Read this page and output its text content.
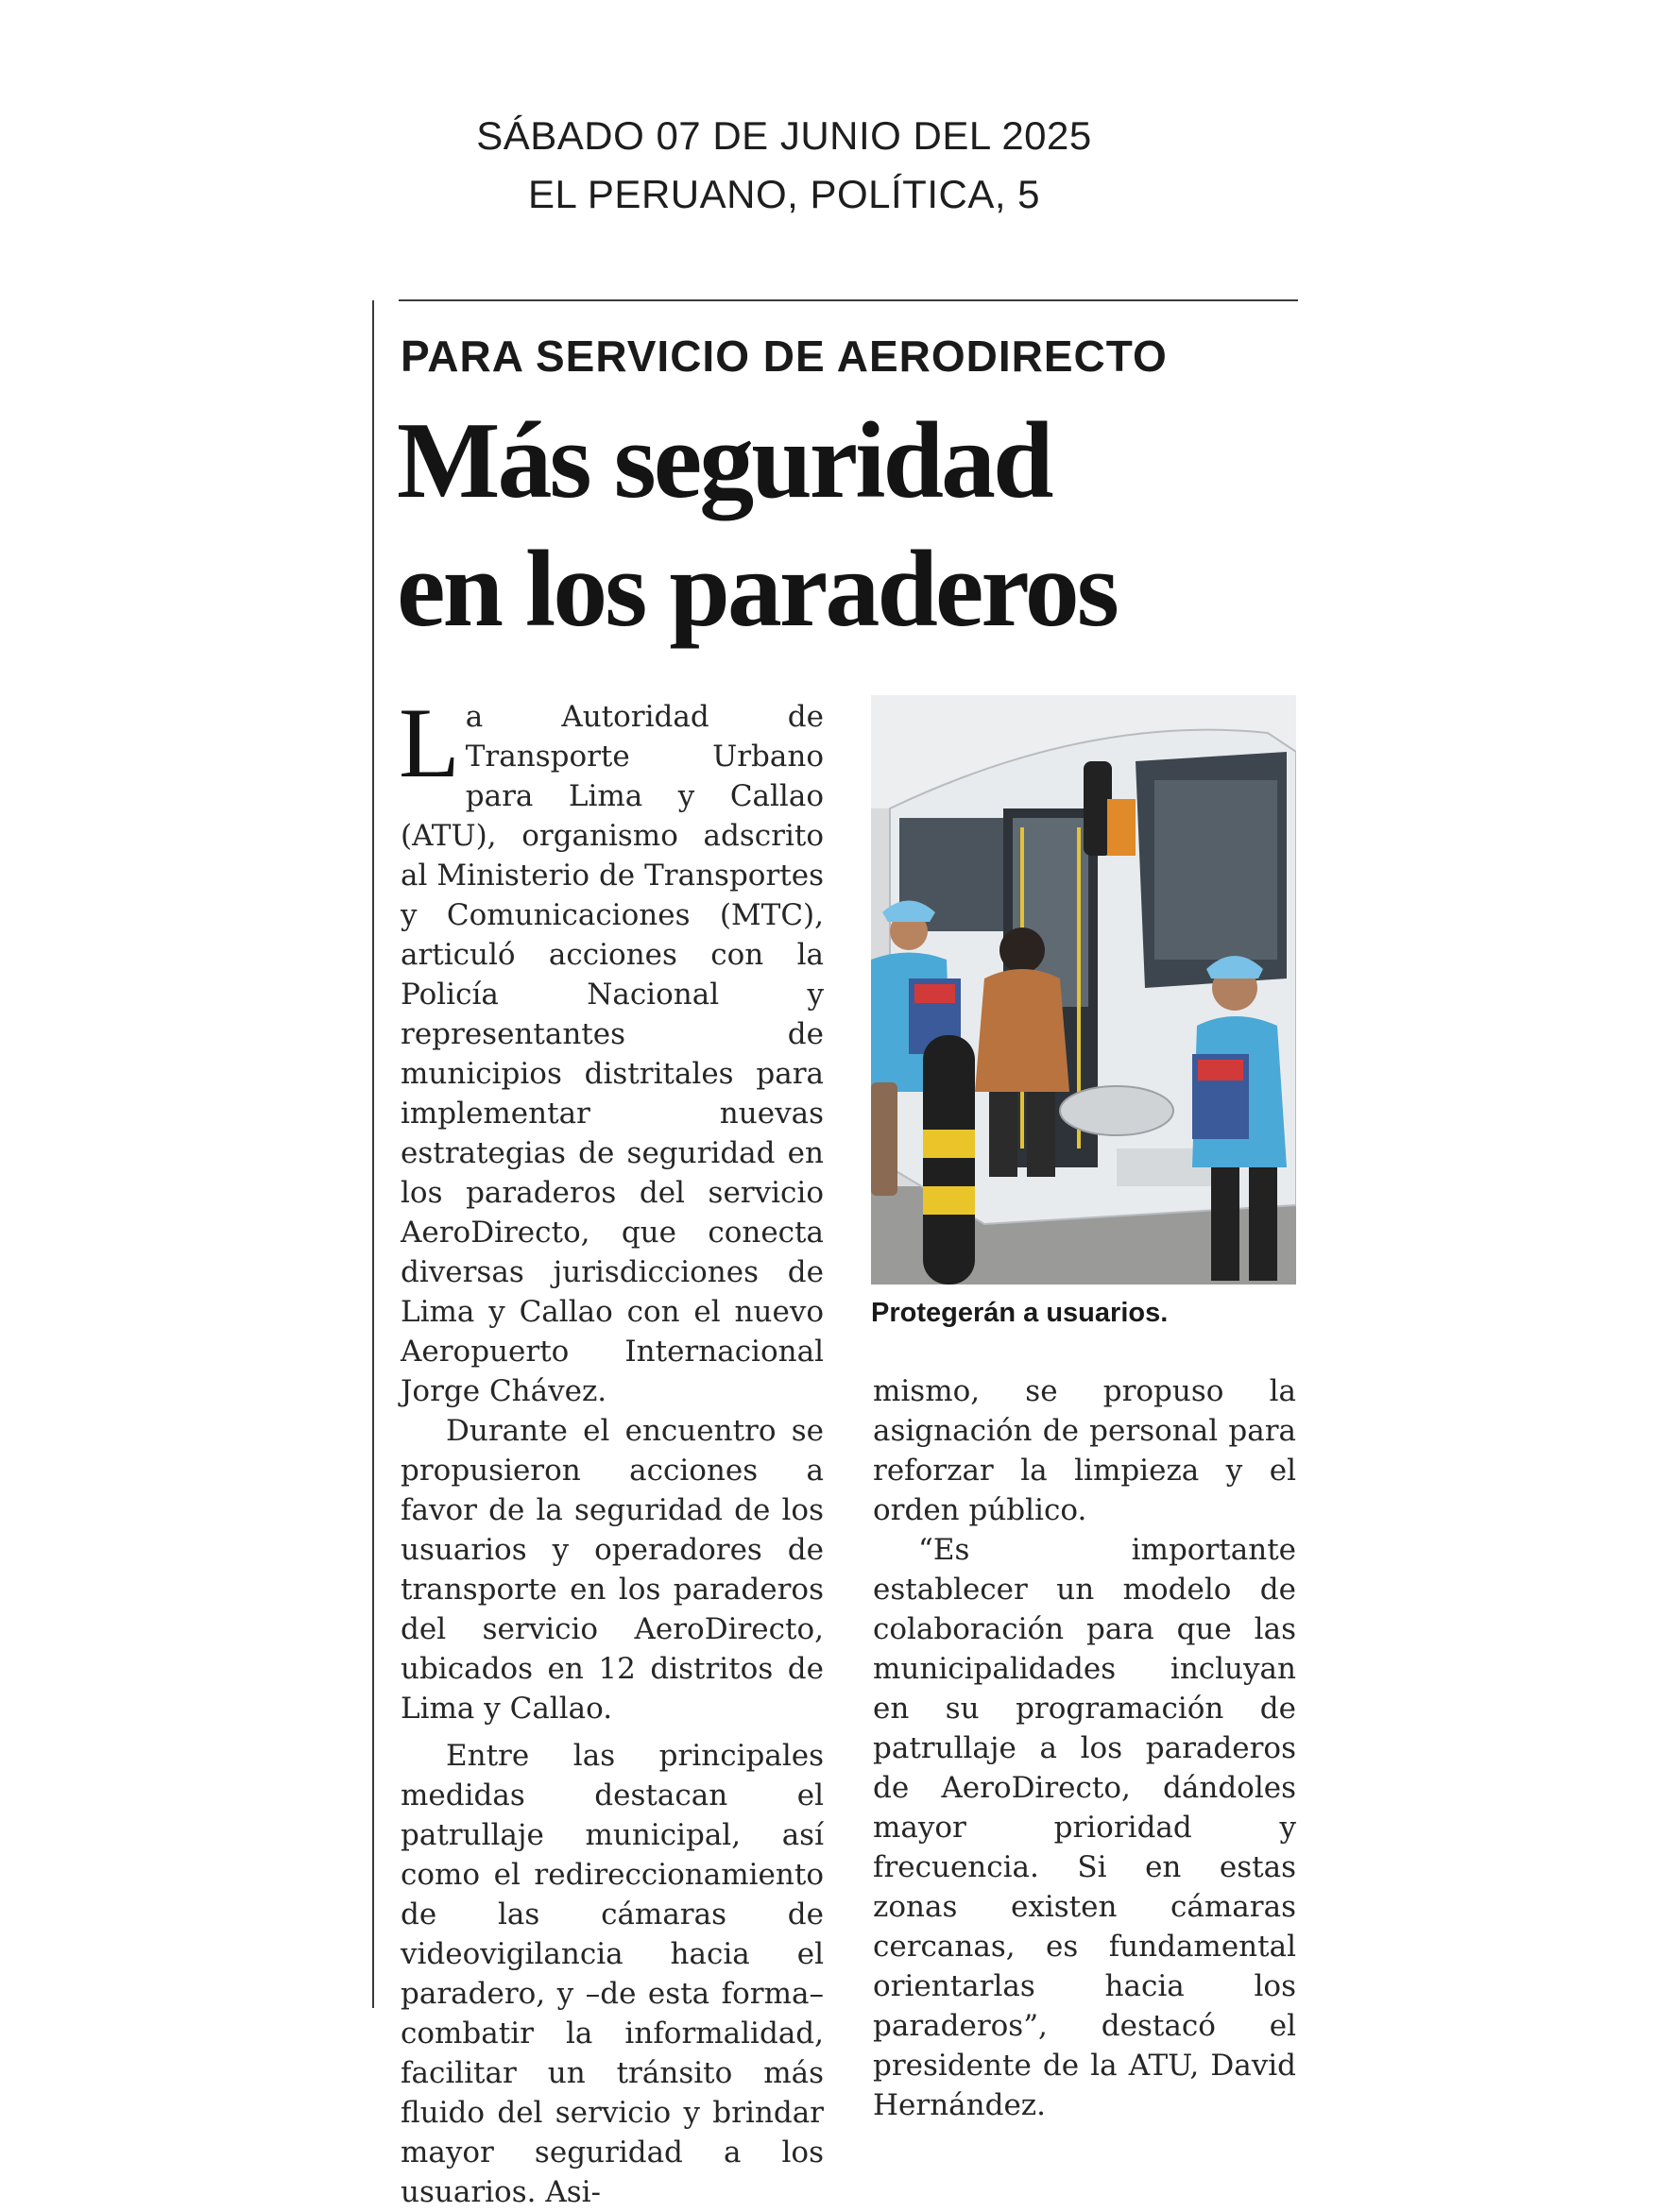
SÁBADO 07 DE JUNIO DEL 2025
EL PERUANO, POLÍTICA, 5
PARA SERVICIO DE AERODIRECTO
Más seguridad
en los paraderos

La Autoridad de Transporte Urbano para Lima y Callao (ATU), organismo adscrito al Ministerio de Transportes y Comunicaciones (MTC), articuló acciones con la Policía Nacional y representantes de municipios distritales para implementar nuevas estrategias de seguridad en los paraderos del servicio AeroDirecto, que conecta diversas jurisdicciones de Lima y Callao con el nuevo Aeropuerto Internacional Jorge Chávez.

Durante el encuentro se propusieron acciones a favor de la seguridad de los usuarios y operadores de transporte en los paraderos del servicio AeroDirecto, ubicados en 12 distritos de Lima y Callao.

Entre las principales medidas destacan el patrullaje municipal, así como el redireccionamiento de las cámaras de videovigilancia hacia el paradero, y –de esta forma– combatir la informalidad, facilitar un tránsito más fluido del servicio y brindar mayor seguridad a los usuarios. Asi-

Protegerán a usuarios.

mismo, se propuso la asignación de personal para reforzar la limpieza y el orden público.

“Es importante establecer un modelo de colaboración para que las municipalidades incluyan en su programación de patrullaje a los paraderos de AeroDirecto, dándoles mayor prioridad y frecuencia. Si en estas zonas existen cámaras cercanas, es fundamental orientarlas hacia los paraderos”, destacó el presidente de la ATU, David Hernández.
